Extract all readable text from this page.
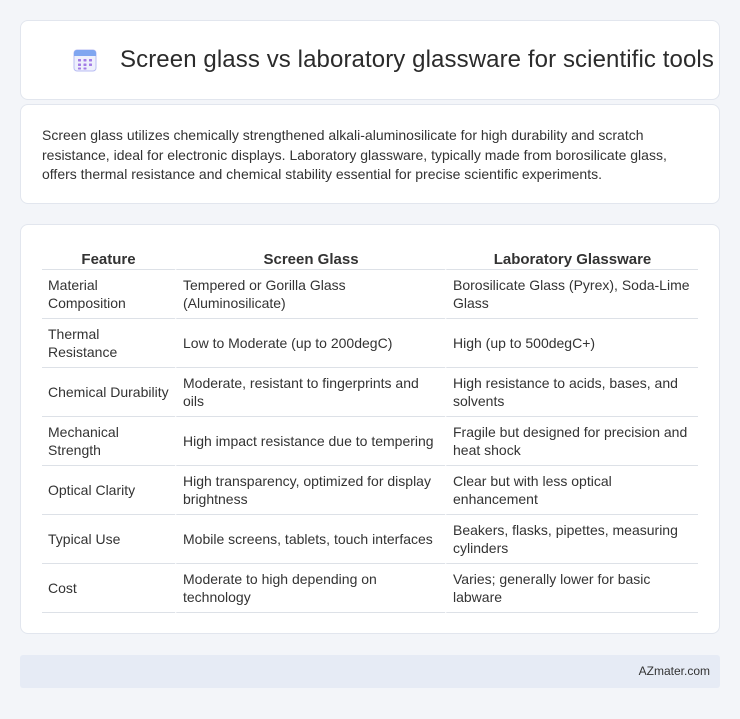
Screen glass vs laboratory glassware for scientific tools

Screen glass utilizes chemically strengthened alkali-aluminosilicate for high durability and scratch resistance, ideal for electronic displays. Laboratory glassware, typically made from borosilicate glass, offers thermal resistance and chemical stability essential for precise scientific experiments.

Feature	Screen Glass	Laboratory Glassware
Material Composition	Tempered or Gorilla Glass (Aluminosilicate)	Borosilicate Glass (Pyrex), Soda-Lime Glass
Thermal Resistance	Low to Moderate (up to 200degC)	High (up to 500degC+)
Chemical Durability	Moderate, resistant to fingerprints and oils	High resistance to acids, bases, and solvents
Mechanical Strength	High impact resistance due to tempering	Fragile but designed for precision and heat shock
Optical Clarity	High transparency, optimized for display brightness	Clear but with less optical enhancement
Typical Use	Mobile screens, tablets, touch interfaces	Beakers, flasks, pipettes, measuring cylinders
Cost	Moderate to high depending on technology	Varies; generally lower for basic labware
AZmater.com
